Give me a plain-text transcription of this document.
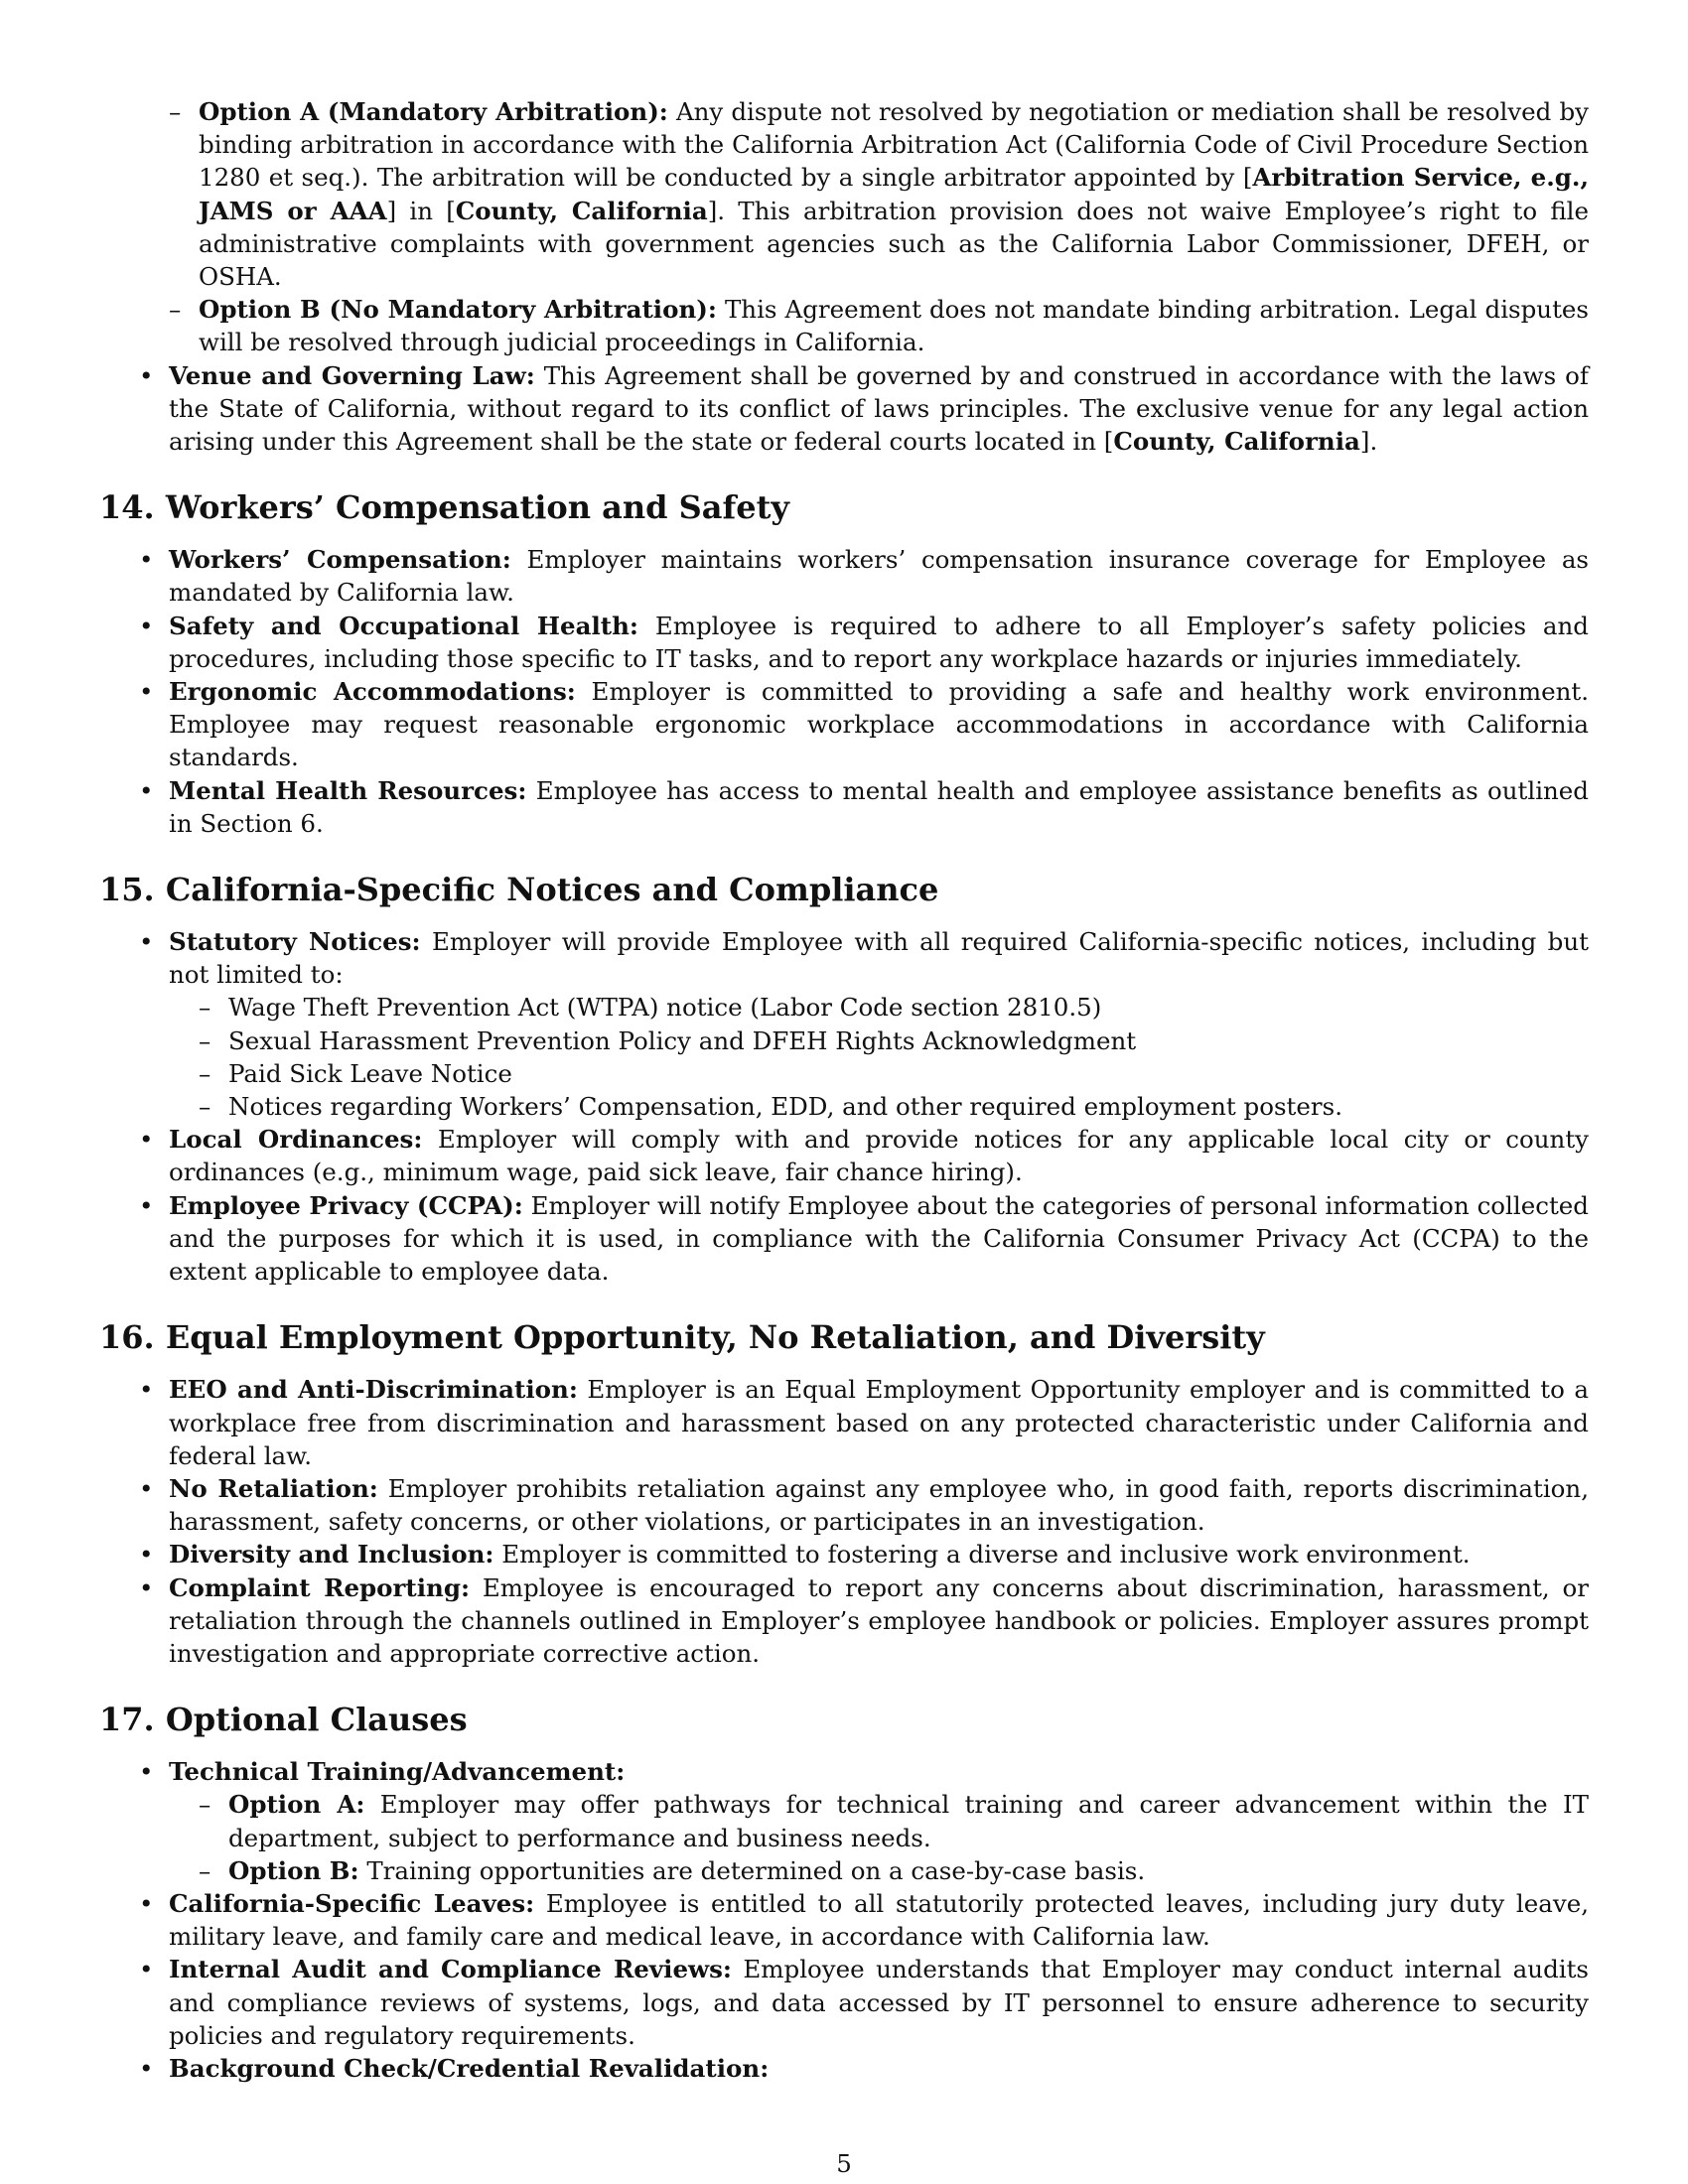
– Option A (Mandatory Arbitration): Any dispute not resolved by negotiation or mediation shall be resolved by binding arbitration in accordance with the California Arbitration Act (California Code of Civil Procedure Section 1280 et seq.). The arbitration will be conducted by a single arbitrator appointed by [Arbitration Service, e.g., JAMS or AAA] in [County, California]. This arbitration provision does not waive Employee’s right to file administrative complaints with government agencies such as the California Labor Commissioner, DFEH, or OSHA.
– Option B (No Mandatory Arbitration): This Agreement does not mandate binding arbitration. Legal disputes will be resolved through judicial proceedings in California.
• Venue and Governing Law: This Agreement shall be governed by and construed in accordance with the laws of the State of California, without regard to its conflict of laws principles. The exclusive venue for any legal action arising under this Agreement shall be the state or federal courts located in [County, California].
14. Workers’ Compensation and Safety
• Workers’ Compensation: Employer maintains workers’ compensation insurance coverage for Employee as mandated by California law.
• Safety and Occupational Health: Employee is required to adhere to all Employer’s safety policies and procedures, including those specific to IT tasks, and to report any workplace hazards or injuries immediately.
• Ergonomic Accommodations: Employer is committed to providing a safe and healthy work environment. Employee may request reasonable ergonomic workplace accommodations in accordance with California standards.
• Mental Health Resources: Employee has access to mental health and employee assistance benefits as outlined in Section 6.
15. California-Specific Notices and Compliance
• Statutory Notices: Employer will provide Employee with all required California-specific notices, including but not limited to:
– Wage Theft Prevention Act (WTPA) notice (Labor Code section 2810.5)
– Sexual Harassment Prevention Policy and DFEH Rights Acknowledgment
– Paid Sick Leave Notice
– Notices regarding Workers’ Compensation, EDD, and other required employment posters.
• Local Ordinances: Employer will comply with and provide notices for any applicable local city or county ordinances (e.g., minimum wage, paid sick leave, fair chance hiring).
• Employee Privacy (CCPA): Employer will notify Employee about the categories of personal information collected and the purposes for which it is used, in compliance with the California Consumer Privacy Act (CCPA) to the extent applicable to employee data.
16. Equal Employment Opportunity, No Retaliation, and Diversity
• EEO and Anti-Discrimination: Employer is an Equal Employment Opportunity employer and is committed to a workplace free from discrimination and harassment based on any protected characteristic under California and federal law.
• No Retaliation: Employer prohibits retaliation against any employee who, in good faith, reports discrimination, harassment, safety concerns, or other violations, or participates in an investigation.
• Diversity and Inclusion: Employer is committed to fostering a diverse and inclusive work environment.
• Complaint Reporting: Employee is encouraged to report any concerns about discrimination, harassment, or retaliation through the channels outlined in Employer’s employee handbook or policies. Employer assures prompt investigation and appropriate corrective action.
17. Optional Clauses
• Technical Training/Advancement:
– Option A: Employer may offer pathways for technical training and career advancement within the IT department, subject to performance and business needs.
– Option B: Training opportunities are determined on a case-by-case basis.
• California-Specific Leaves: Employee is entitled to all statutorily protected leaves, including jury duty leave, military leave, and family care and medical leave, in accordance with California law.
• Internal Audit and Compliance Reviews: Employee understands that Employer may conduct internal audits and compliance reviews of systems, logs, and data accessed by IT personnel to ensure adherence to security policies and regulatory requirements.
• Background Check/Credential Revalidation:
5
